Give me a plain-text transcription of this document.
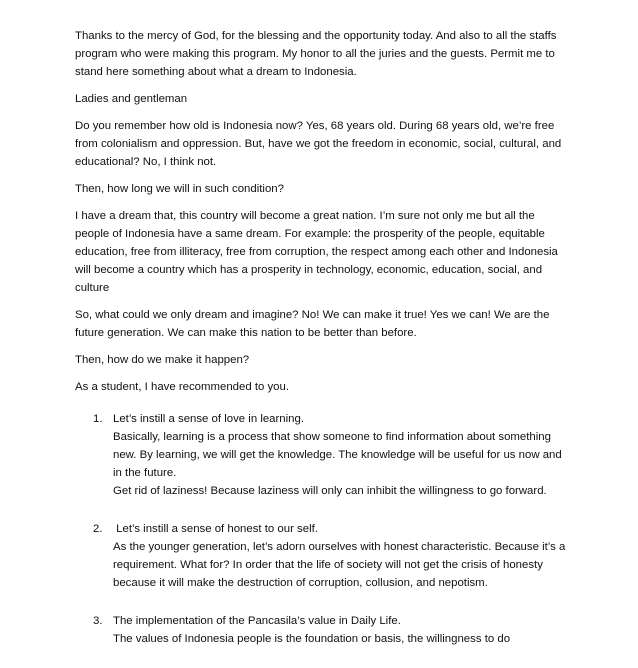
Thanks to the mercy of God, for the blessing and the opportunity today. And also to all the staffs program who were making this program. My honor to all the juries and the guests. Permit me to stand here something about what a dream to Indonesia.

Ladies and gentleman

Do you remember how old is Indonesia now? Yes, 68 years old. During 68 years old, we’re free from colonialism and oppression. But, have we got the freedom in economic, social, cultural, and educational? No, I think not.

Then, how long we will in such condition?

I have a dream that, this country will become a great nation. I’m sure not only me but all the people of Indonesia have a same dream. For example: the prosperity of the people, equitable education, free from illiteracy, free from corruption, the respect among each other and Indonesia will become a country which has a prosperity in technology, economic, education, social, and culture

So, what could we only dream and imagine? No! We can make it true! Yes we can! We are the future generation. We can make this nation to be better than before.

Then, how do we make it happen?

As a student, I have recommended to you.

1. Let’s instill a sense of love in learning.
Basically, learning is a process that show someone to find information about something new. By learning, we will get the knowledge. The knowledge will be useful for us now and in the future.
Get rid of laziness! Because laziness will only can inhibit the willingness to go forward.
2. Let’s instill a sense of honest to our self.
As the younger generation, let’s adorn ourselves with honest characteristic. Because it’s a requirement. What for? In order that the life of society will not get the crisis of honesty because it will make the destruction of corruption, collusion, and nepotism.
3. The implementation of the Pancasila’s value in Daily Life.
The values of Indonesia people is the foundation or basis, the willingness to do
